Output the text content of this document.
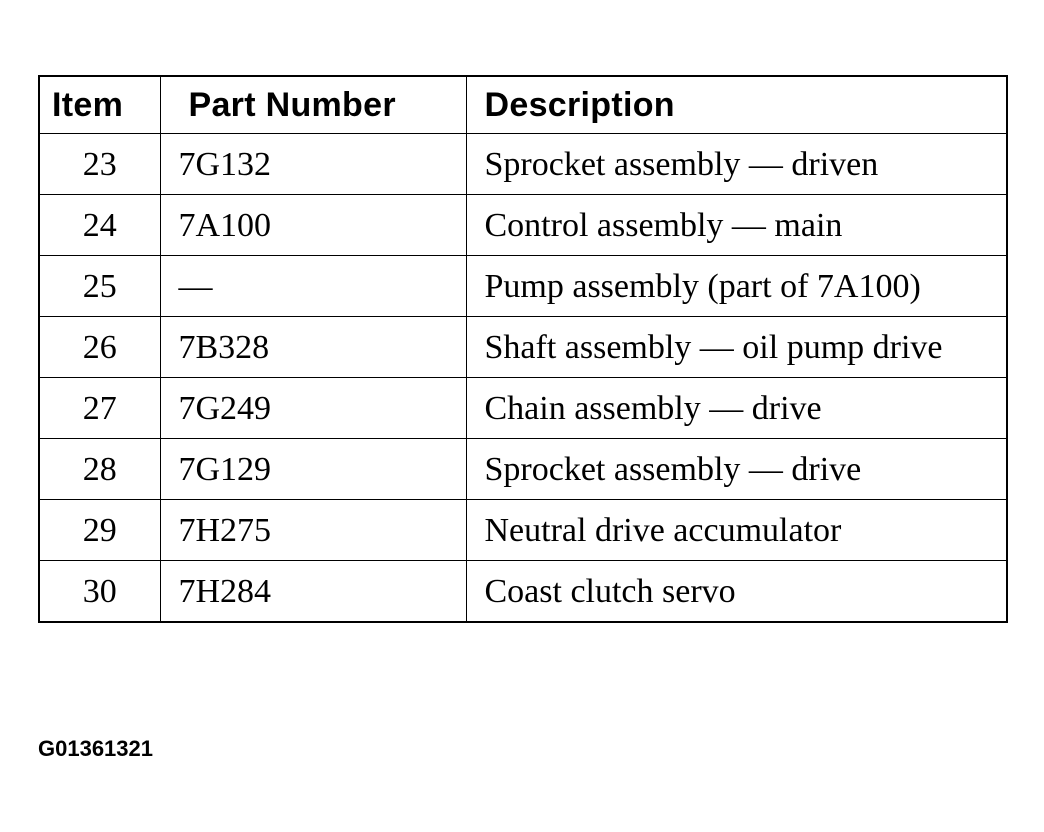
Item	Part Number	Description
23	7G132	Sprocket assembly — driven
24	7A100	Control assembly — main
25	—	Pump assembly (part of 7A100)
26	7B328	Shaft assembly — oil pump drive
27	7G249	Chain assembly — drive
28	7G129	Sprocket assembly — drive
29	7H275	Neutral drive accumulator
30	7H284	Coast clutch servo
G01361321
